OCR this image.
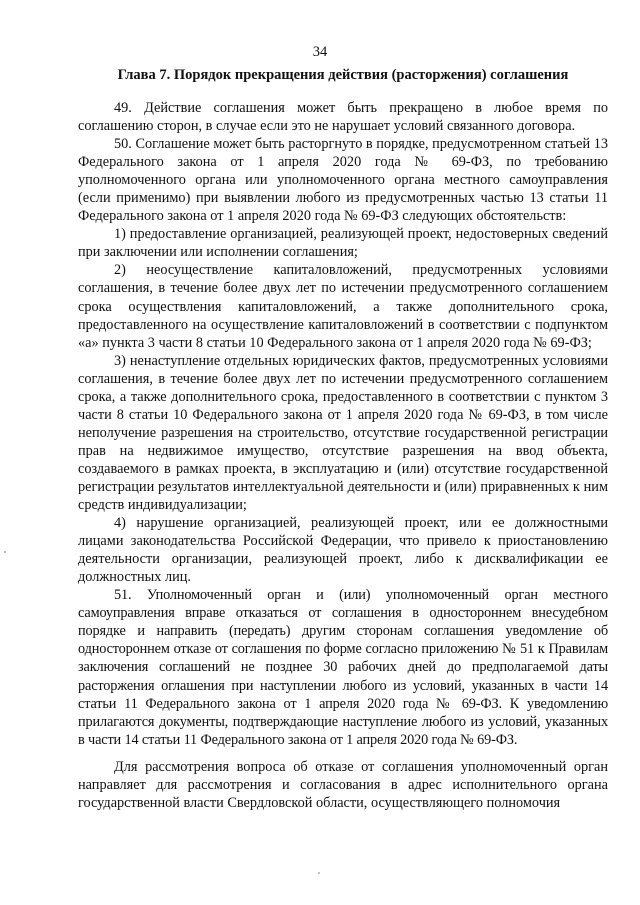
34
Глава 7. Порядок прекращения действия (расторжения) соглашения

49. Действие соглашения может быть прекращено в любое время по соглашению сторон, в случае если это не нарушает условий связанного договора.

50. Соглашение может быть расторгнуто в порядке, предусмотренном статьей 13 Федерального закона от 1 апреля 2020 года № 69-ФЗ, по требованию уполномоченного органа или уполномоченного органа местного самоуправления (если применимо) при выявлении любого из предусмотренных частью 13 статьи 11 Федерального закона от 1 апреля 2020 года № 69-ФЗ следующих обстоятельств:

1) предоставление организацией, реализующей проект, недостоверных сведений при заключении или исполнении соглашения;

2) неосуществление капиталовложений, предусмотренных условиями соглашения, в течение более двух лет по истечении предусмотренного соглашением срока осуществления капиталовложений, а также дополнительного срока, предоставленного на осуществление капиталовложений в соответствии с подпунктом «а» пункта 3 части 8 статьи 10 Федерального закона от 1 апреля 2020 года № 69-ФЗ;

3) ненаступление отдельных юридических фактов, предусмотренных условиями соглашения, в течение более двух лет по истечении предусмотренного соглашением срока, а также дополнительного срока, предоставленного в соответствии с пунктом 3 части 8 статьи 10 Федерального закона от 1 апреля 2020 года № 69-ФЗ, в том числе неполучение разрешения на строительство, отсутствие государственной регистрации прав на недвижимое имущество, отсутствие разрешения на ввод объекта, создаваемого в рамках проекта, в эксплуатацию и (или) отсутствие государственной регистрации результатов интеллектуальной деятельности и (или) приравненных к ним средств индивидуализации;

4) нарушение организацией, реализующей проект, или ее должностными лицами законодательства Российской Федерации, что привело к приостановлению деятельности организации, реализующей проект, либо к дисквалификации ее должностных лиц.

51. Уполномоченный орган и (или) уполномоченный орган местного самоуправления вправе отказаться от соглашения в одностороннем внесудебном порядке и направить (передать) другим сторонам соглашения уведомление об одностороннем отказе от соглашения по форме согласно приложению № 51 к Правилам заключения соглашений не позднее 30 рабочих дней до предполагаемой даты расторжения оглашения при наступлении любого из условий, указанных в части 14 статьи 11 Федерального закона от 1 апреля 2020 года № 69-ФЗ. К уведомлению прилагаются документы, подтверждающие наступление любого из условий, указанных в части 14 статьи 11 Федерального закона от 1 апреля 2020 года № 69-ФЗ.

Для рассмотрения вопроса об отказе от соглашения уполномоченный орган направляет для рассмотрения и согласования в адрес исполнительного органа государственной власти Свердловской области, осуществляющего полномочия
